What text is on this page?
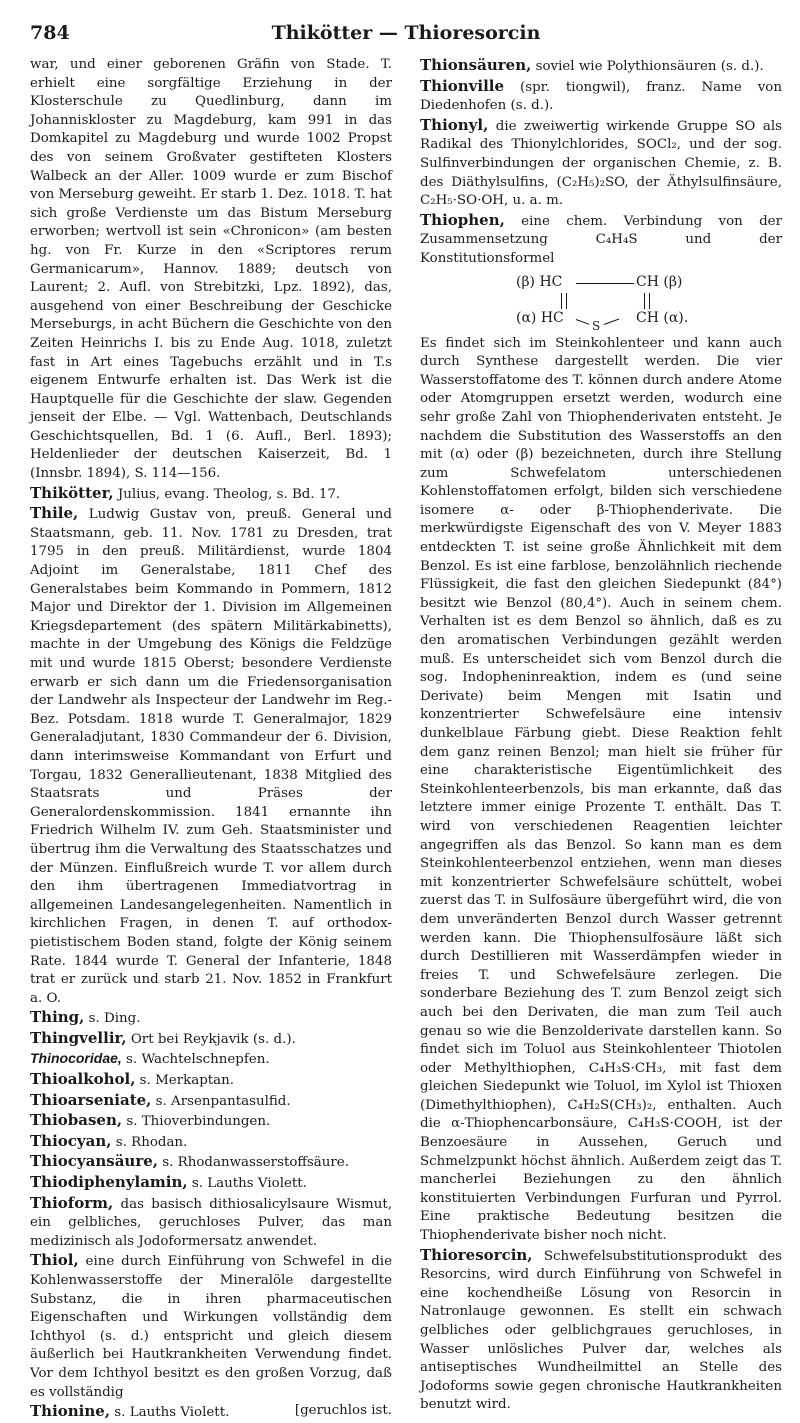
784	Thikötter — Thioresorcin

war, und einer geborenen Gräfin von Stade. T. erhielt eine sorgfältige Erziehung in der Klosterschule zu Quedlinburg, dann im Johanniskloster zu Magdeburg, kam 991 in das Domkapitel zu Magdeburg und wurde 1002 Propst des von seinem Großvater gestifteten Klosters Walbeck an der Aller. 1009 wurde er zum Bischof von Merseburg geweiht. Er starb 1. Dez. 1018. T. hat sich große Verdienste um das Bistum Merseburg erworben; wertvoll ist sein «Chronicon» (am besten hg. von Fr. Kurze in den «Scriptores rerum Germanicarum», Hannov. 1889; deutsch von Laurent; 2. Aufl. von Strebitzki, Lpz. 1892), das, ausgehend von einer Beschreibung der Geschicke Merseburgs, in acht Büchern die Geschichte von den Zeiten Heinrichs I. bis zu Ende Aug. 1018, zuletzt fast in Art eines Tagebuchs erzählt und in T.s eigenem Entwurfe erhalten ist. Das Werk ist die Hauptquelle für die Geschichte der slaw. Gegenden jenseit der Elbe. — Vgl. Wattenbach, Deutschlands Geschichtsquellen, Bd. 1 (6. Aufl., Berl. 1893); Heldenlieder der deutschen Kaiserzeit, Bd. 1 (Innsbr. 1894), S. 114—156.

Thikötter, Julius, evang. Theolog, s. Bd. 17.

Thile, Ludwig Gustav von, preuß. General und Staatsmann, geb. 11. Nov. 1781 zu Dresden, trat 1795 in den preuß. Militärdienst, wurde 1804 Adjoint im Generalstabe, 1811 Chef des Generalstabes beim Kommando in Pommern, 1812 Major und Direktor der 1. Division im Allgemeinen Kriegsdepartement (des spätern Militärkabinetts), machte in der Umgebung des Königs die Feldzüge mit und wurde 1815 Oberst; besondere Verdienste erwarb er sich dann um die Friedensorganisation der Landwehr als Inspecteur der Landwehr im Reg.-Bez. Potsdam. 1818 wurde T. Generalmajor, 1829 Generaladjutant, 1830 Commandeur der 6. Division, dann interimsweise Kommandant von Erfurt und Torgau, 1832 Generallieutenant, 1838 Mitglied des Staatsrats und Präses der Generalordenskommission. 1841 ernannte ihn Friedrich Wilhelm IV. zum Geh. Staatsminister und übertrug ihm die Verwaltung des Staatsschatzes und der Münzen. Einflußreich wurde T. vor allem durch den ihm übertragenen Immediatvortrag in allgemeinen Landesangelegenheiten. Namentlich in kirchlichen Fragen, in denen T. auf orthodox-pietistischem Boden stand, folgte der König seinem Rate. 1844 wurde T. General der Infanterie, 1848 trat er zurück und starb 21. Nov. 1852 in Frankfurt a. O.

Thing, s. Ding.

Thingvellir, Ort bei Reykjavik (s. d.).

Thinocoridae, s. Wachtelschnepfen.

Thioalkohol, s. Merkaptan.

Thioarseniate, s. Arsenpantasulfid.

Thiobasen, s. Thioverbindungen.

Thiocyan, s. Rhodan.

Thiocyansäure, s. Rhodanwasserstoffsäure.

Thiodiphenylamin, s. Lauths Violett.

Thioform, das basisch dithiosalicylsaure Wismut, ein gelbliches, geruchloses Pulver, das man medizinisch als Jodoformersatz anwendet.

Thiol, eine durch Einführung von Schwefel in die Kohlenwasserstoffe der Mineralöle dargestellte Substanz, die in ihren pharmaceutischen Eigenschaften und Wirkungen vollständig dem Ichthyol (s. d.) entspricht und gleich diesem äußerlich bei Hautkrankheiten Verwendung findet. Vor dem Ichthyol besitzt es den großen Vorzug, daß es vollständig

Thionine, s. Lauths Violett.	[geruchlos ist.

Thionsäuren, soviel wie Polythionsäuren (s. d.).

Thionville (spr. tiongwil), franz. Name von Diedenhofen (s. d.).

Thionyl, die zweiwertig wirkende Gruppe SO als Radikal des Thionylchlorides, SOCl₂, und der sog. Sulfinverbindungen der organischen Chemie, z. B. des Diäthylsulfins, (C₂H₅)₂SO, der Äthylsulfinsäure, C₂H₅·SO·OH, u. a. m.

Thiophen, eine chem. Verbindung von der Zusammensetzung C₄H₄S und der Konstitutionsformel

(β) HC	CH (β)
(α) HC S	CH (α).

Es findet sich im Steinkohlenteer und kann auch durch Synthese dargestellt werden. Die vier Wasserstoffatome des T. können durch andere Atome oder Atomgruppen ersetzt werden, wodurch eine sehr große Zahl von Thiophenderivaten entsteht. Je nachdem die Substitution des Wasserstoffs an den mit (α) oder (β) bezeichneten, durch ihre Stellung zum Schwefelatom unterschiedenen Kohlenstoffatomen erfolgt, bilden sich verschiedene isomere α- oder β-Thiophenderivate. Die merkwürdigste Eigenschaft des von V. Meyer 1883 entdeckten T. ist seine große Ähnlichkeit mit dem Benzol. Es ist eine farblose, benzolähnlich riechende Flüssigkeit, die fast den gleichen Siedepunkt (84°) besitzt wie Benzol (80,4°). Auch in seinem chem. Verhalten ist es dem Benzol so ähnlich, daß es zu den aromatischen Verbindungen gezählt werden muß. Es unterscheidet sich vom Benzol durch die sog. Indopheninreaktion, indem es (und seine Derivate) beim Mengen mit Isatin und konzentrierter Schwefelsäure eine intensiv dunkelblaue Färbung giebt. Diese Reaktion fehlt dem ganz reinen Benzol; man hielt sie früher für eine charakteristische Eigentümlichkeit des Steinkohlenteerbenzols, bis man erkannte, daß das letztere immer einige Prozente T. enthält. Das T. wird von verschiedenen Reagentien leichter angegriffen als das Benzol. So kann man es dem Steinkohlenteerbenzol entziehen, wenn man dieses mit konzentrierter Schwefelsäure schüttelt, wobei zuerst das T. in Sulfosäure übergeführt wird, die von dem unveränderten Benzol durch Wasser getrennt werden kann. Die Thiophensulfosäure läßt sich durch Destillieren mit Wasserdämpfen wieder in freies T. und Schwefelsäure zerlegen. Die sonderbare Beziehung des T. zum Benzol zeigt sich auch bei den Derivaten, die man zum Teil auch genau so wie die Benzolderivate darstellen kann. So findet sich im Toluol aus Steinkohlenteer Thiotolen oder Methylthiophen, C₄H₃S·CH₃, mit fast dem gleichen Siedepunkt wie Toluol, im Xylol ist Thioxen (Dimethylthiophen), C₄H₂S(CH₃)₂, enthalten. Auch die α-Thiophencarbonsäure, C₄H₃S·COOH, ist der Benzoesäure in Aussehen, Geruch und Schmelzpunkt höchst ähnlich. Außerdem zeigt das T. mancherlei Beziehungen zu den ähnlich konstituierten Verbindungen Furfuran und Pyrrol. Eine praktische Bedeutung besitzen die Thiophenderivate bisher noch nicht.

Thioresorcin, Schwefelsubstitutionsprodukt des Resorcins, wird durch Einführung von Schwefel in eine kochendheiße Lösung von Resorcin in Natronlauge gewonnen. Es stellt ein schwach gelbliches oder gelblichgraues geruchloses, in Wasser unlösliches Pulver dar, welches als antiseptisches Wundheilmittel an Stelle des Jodoforms sowie gegen chronische Hautkrankheiten benutzt wird.
